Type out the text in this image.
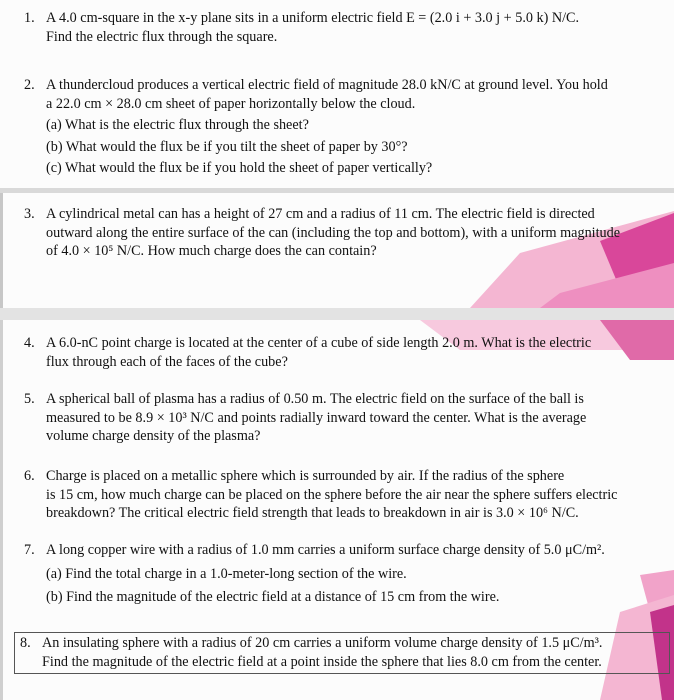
1. A 4.0 cm-square in the x-y plane sits in a uniform electric field E = (2.0 i + 3.0 j + 5.0 k) N/C.
Find the electric flux through the square.
2. A thundercloud produces a vertical electric field of magnitude 28.0 kN/C at ground level. You hold
a 22.0 cm × 28.0 cm sheet of paper horizontally below the cloud.
(a) What is the electric flux through the sheet?
(b) What would the flux be if you tilt the sheet of paper by 30°?
(c) What would the flux be if you hold the sheet of paper vertically?
3. A cylindrical metal can has a height of 27 cm and a radius of 11 cm. The electric field is directed
outward along the entire surface of the can (including the top and bottom), with a uniform magnitude
of 4.0 × 10⁵ N/C. How much charge does the can contain?
4. A 6.0-nC point charge is located at the center of a cube of side length 2.0 m. What is the electric
flux through each of the faces of the cube?
5. A spherical ball of plasma has a radius of 0.50 m. The electric field on the surface of the ball is
measured to be 8.9 × 10³ N/C and points radially inward toward the center. What is the average
volume charge density of the plasma?
6. Charge is placed on a metallic sphere which is surrounded by air. If the radius of the sphere
is 15 cm, how much charge can be placed on the sphere before the air near the sphere suffers electric
breakdown? The critical electric field strength that leads to breakdown in air is 3.0 × 10⁶ N/C.
7. A long copper wire with a radius of 1.0 mm carries a uniform surface charge density of 5.0 μC/m².
(a) Find the total charge in a 1.0-meter-long section of the wire.
(b) Find the magnitude of the electric field at a distance of 15 cm from the wire.
8. An insulating sphere with a radius of 20 cm carries a uniform volume charge density of 1.5 μC/m³.
Find the magnitude of the electric field at a point inside the sphere that lies 8.0 cm from the center.
